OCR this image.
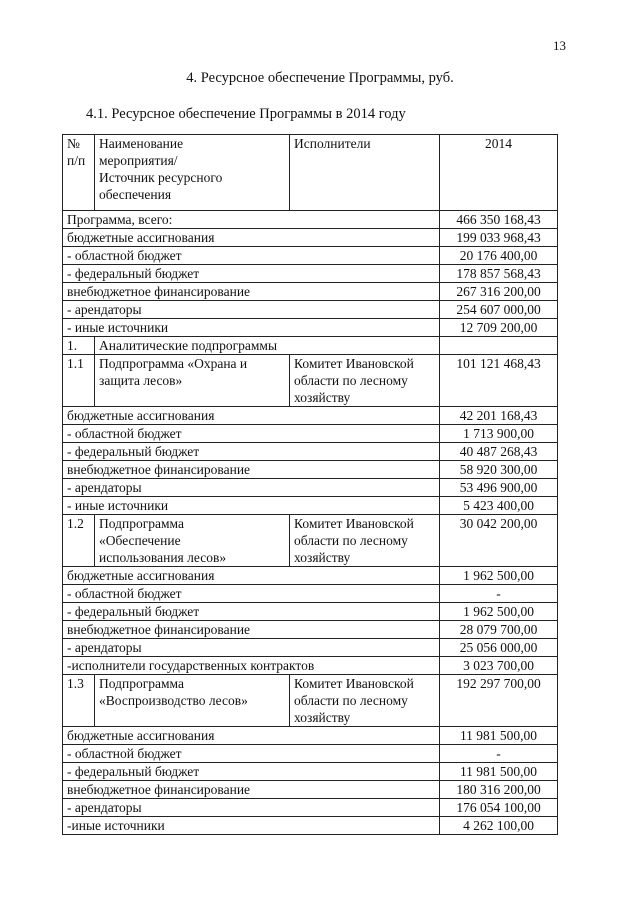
13
4. Ресурсное обеспечение Программы, руб.
4.1. Ресурсное обеспечение Программы в 2014 году
№
п/п	Наименование
мероприятия/
Источник ресурсного
обеспечения	Исполнители	2014
Программа, всего:			466 350 168,43
бюджетные ассигнования			199 033 968,43
- областной бюджет			20 176 400,00
- федеральный бюджет			178 857 568,43
внебюджетное финансирование			267 316 200,00
- арендаторы			254 607 000,00
- иные источники			12 709 200,00
1.	Аналитические подпрограммы		
1.1	Подпрограмма «Охрана и
защита лесов»	Комитет Ивановской
области по лесному
хозяйству	101 121 468,43
бюджетные ассигнования			42 201 168,43
- областной бюджет			1 713 900,00
- федеральный бюджет			40 487 268,43
внебюджетное финансирование			58 920 300,00
- арендаторы			53 496 900,00
- иные источники			5 423 400,00
1.2	Подпрограмма
«Обеспечение
использования лесов»	Комитет Ивановской
области по лесному
хозяйству	30 042 200,00
бюджетные ассигнования			1 962 500,00
- областной бюджет			-
- федеральный бюджет			1 962 500,00
внебюджетное финансирование			28 079 700,00
- арендаторы			25 056 000,00
-исполнители государственных контрактов			3 023 700,00
1.3	Подпрограмма
«Воспроизводство лесов»	Комитет Ивановской
области по лесному
хозяйству	192 297 700,00
бюджетные ассигнования			11 981 500,00
- областной бюджет			-
- федеральный бюджет			11 981 500,00
внебюджетное финансирование			180 316 200,00
- арендаторы			176 054 100,00
-иные источники			4 262 100,00
